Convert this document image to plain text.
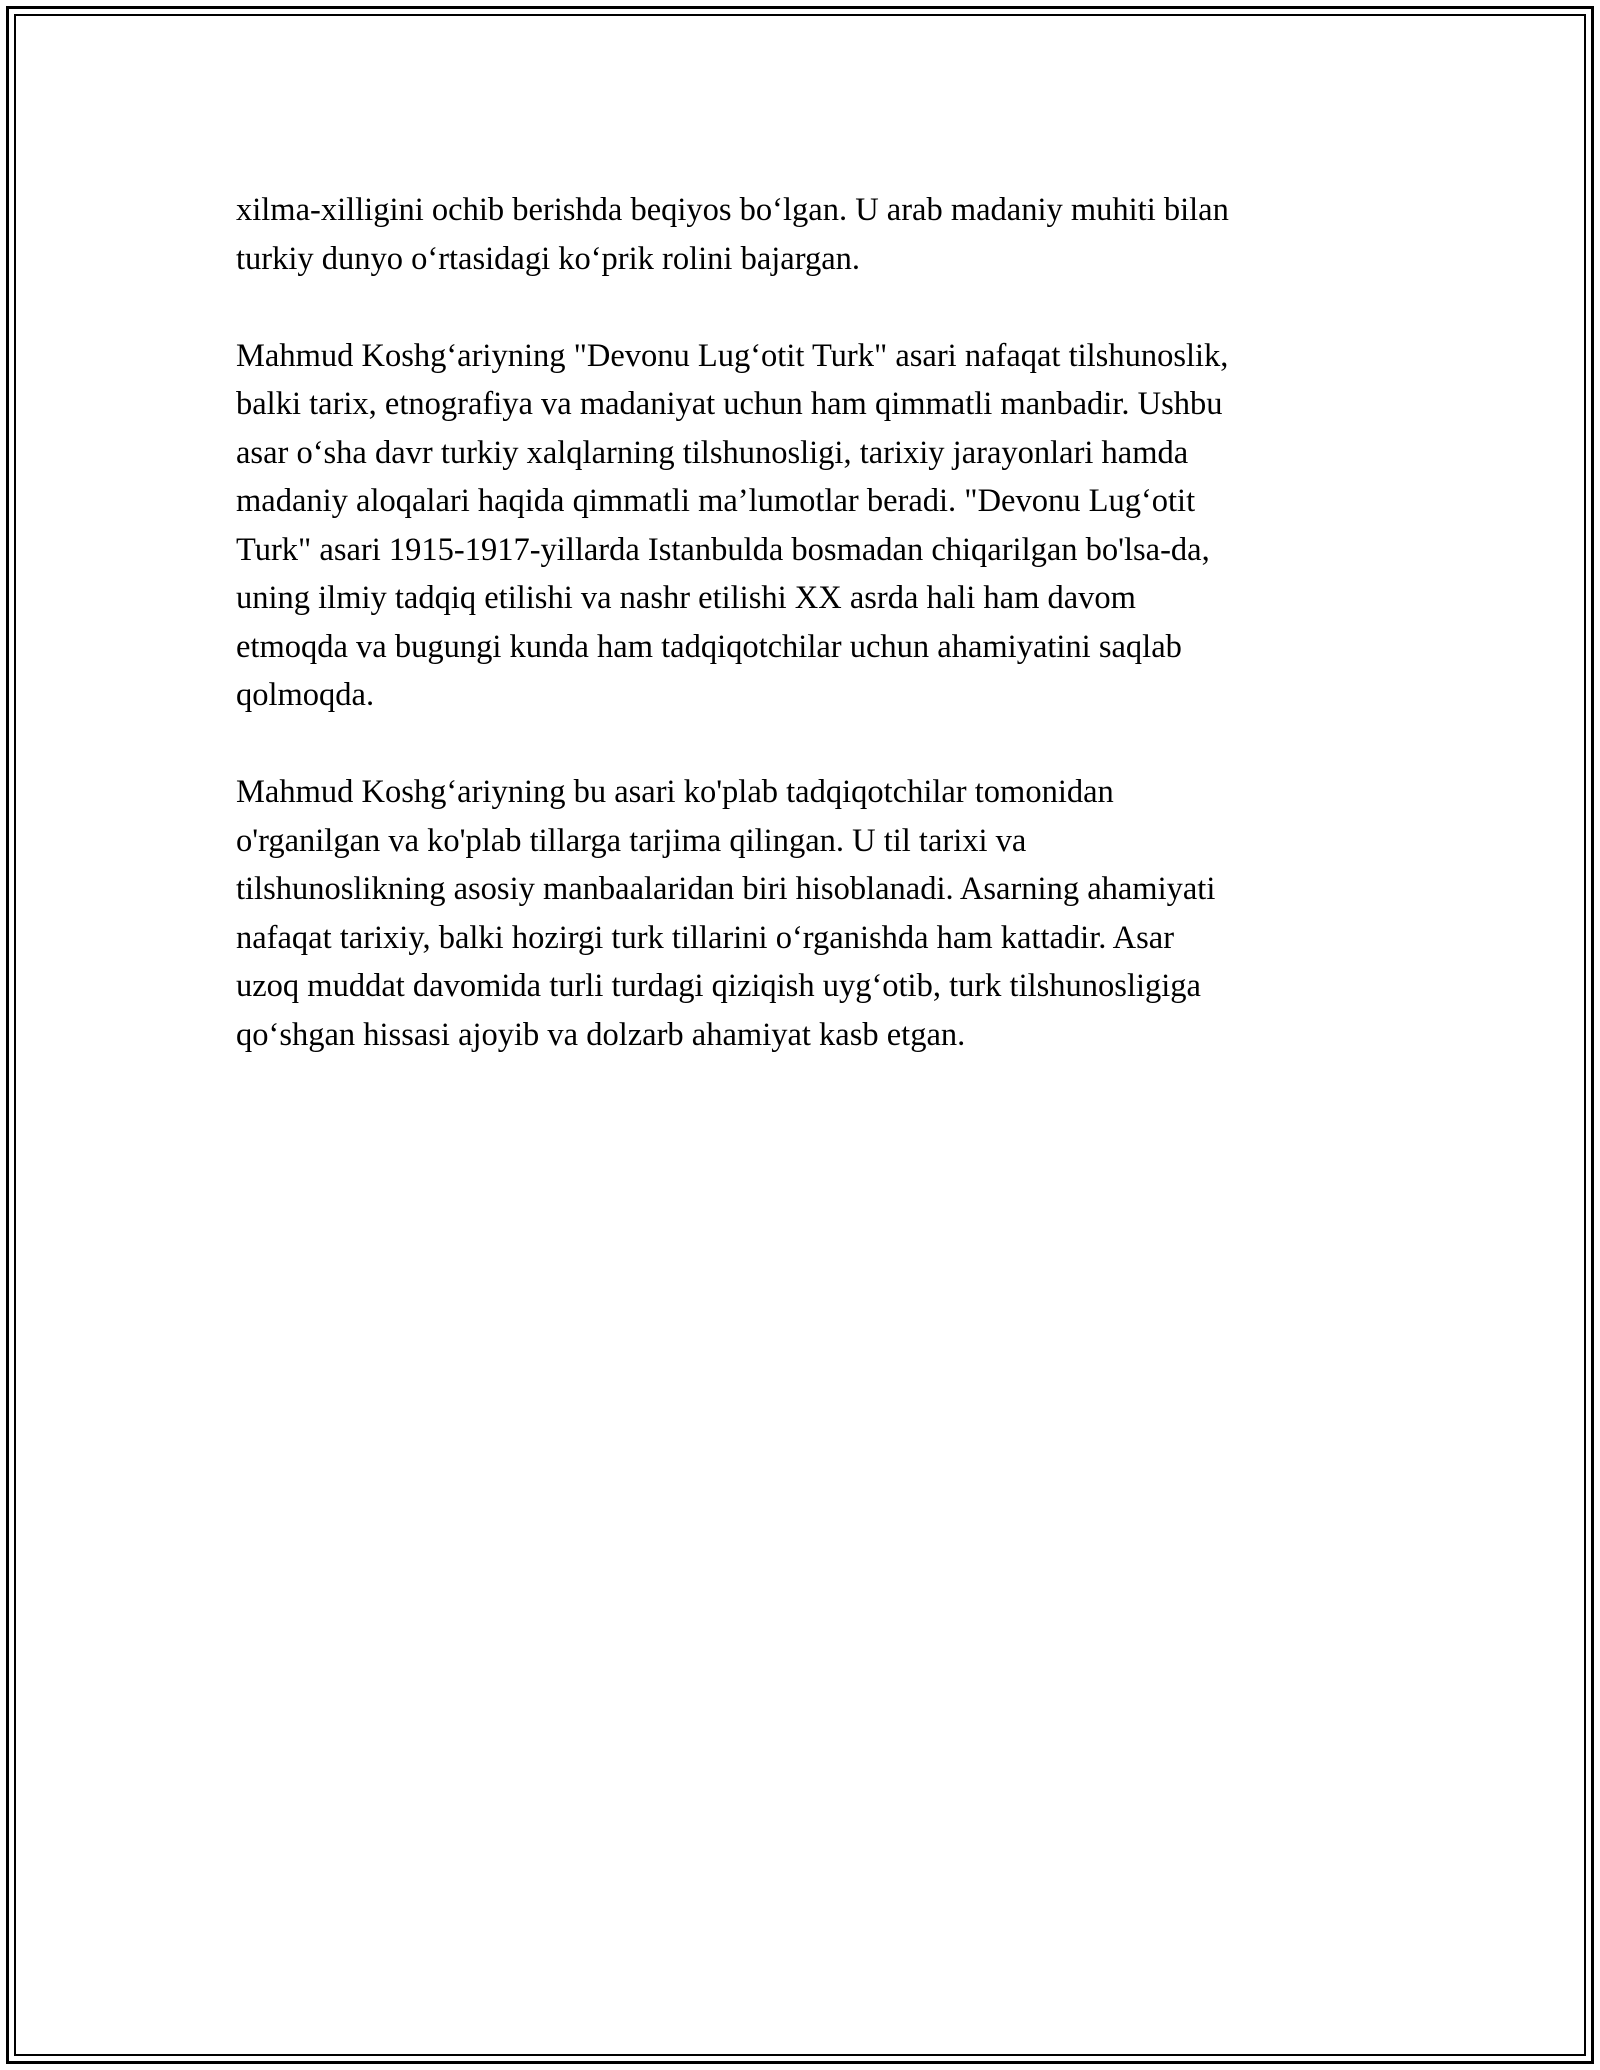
xilma-xilligini ochib berishda beqiyos bo‘lgan. U arab madaniy muhiti bilan
turkiy dunyo o‘rtasidagi ko‘prik rolini bajargan.

Mahmud Koshg‘ariyning "Devonu Lug‘otit Turk" asari nafaqat tilshunoslik,
balki tarix, etnografiya va madaniyat uchun ham qimmatli manbadir. Ushbu
asar o‘sha davr turkiy xalqlarning tilshunosligi, tarixiy jarayonlari hamda
madaniy aloqalari haqida qimmatli ma’lumotlar beradi. "Devonu Lug‘otit
Turk" asari 1915-1917-yillarda Istanbulda bosmadan chiqarilgan bo'lsa-da,
uning ilmiy tadqiq etilishi va nashr etilishi XX asrda hali ham davom
etmoqda va bugungi kunda ham tadqiqotchilar uchun ahamiyatini saqlab
qolmoqda.

Mahmud Koshg‘ariyning bu asari ko'plab tadqiqotchilar tomonidan
o'rganilgan va ko'plab tillarga tarjima qilingan. U til tarixi va
tilshunoslikning asosiy manbaalaridan biri hisoblanadi. Asarning ahamiyati
nafaqat tarixiy, balki hozirgi turk tillarini o‘rganishda ham kattadir. Asar
uzoq muddat davomida turli turdagi qiziqish uyg‘otib, turk tilshunosligiga
qo‘shgan hissasi ajoyib va dolzarb ahamiyat kasb etgan.
